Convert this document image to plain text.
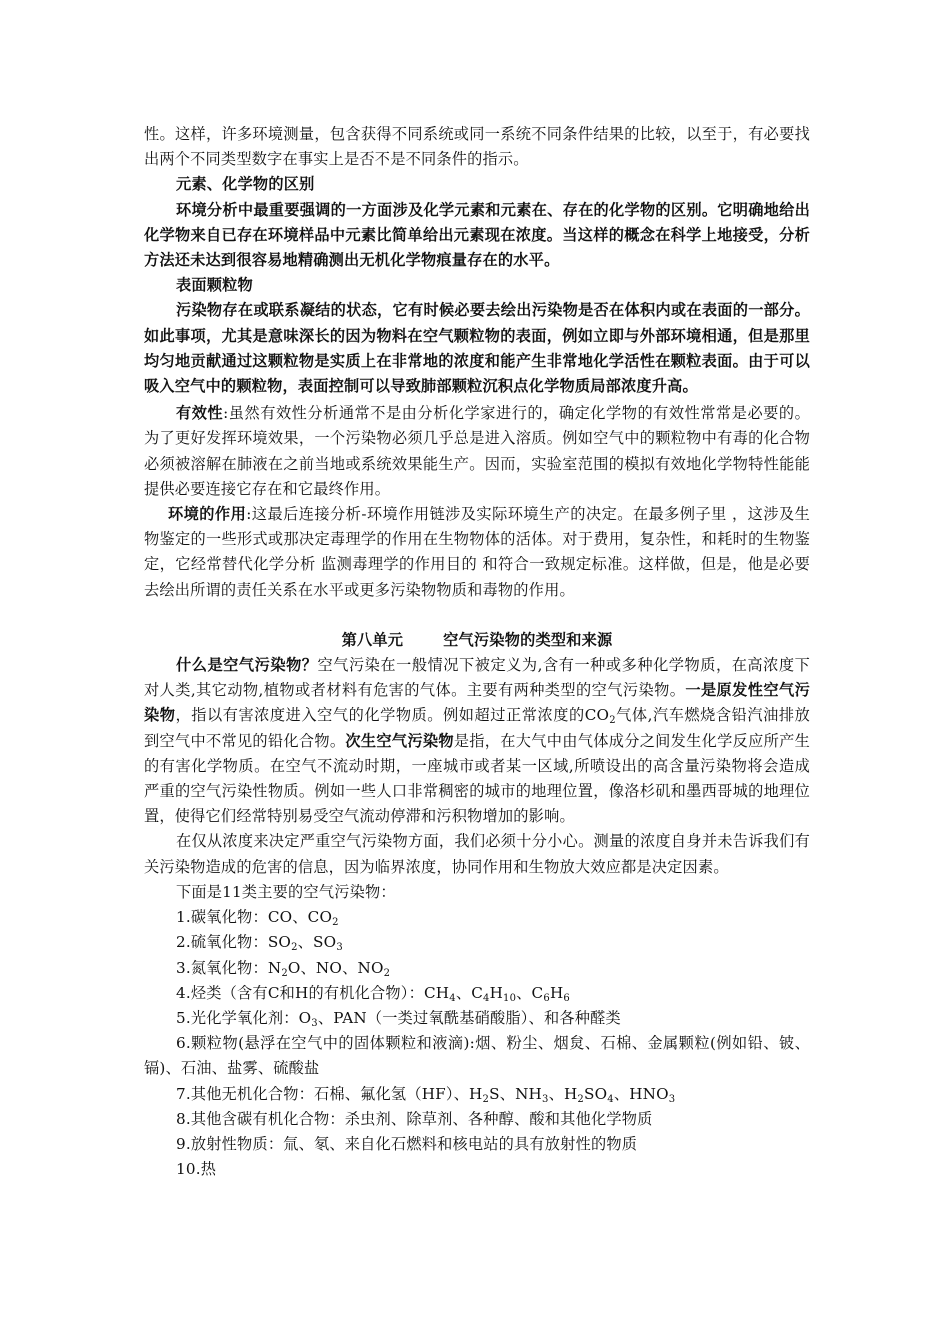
性。这样，许多环境测量，包含获得不同系统或同一系统不同条件结果的比较，以至于，有必要找出两个不同类型数字在事实上是否不是不同条件的指示。

元素、化学物的区别

环境分析中最重要强调的一方面涉及化学元素和元素在、存在的化学物的区别。它明确地给出化学物来自已存在环境样品中元素比简单给出元素现在浓度。当这样的概念在科学上地接受，分析方法还未达到很容易地精确测出无机化学物痕量存在的水平。

表面颗粒物

污染物存在或联系凝结的状态，它有时候必要去绘出污染物是否在体积内或在表面的一部分。如此事项，尤其是意味深长的因为物料在空气颗粒物的表面，例如立即与外部环境相通，但是那里均匀地贡献通过这颗粒物是实质上在非常地的浓度和能产生非常地化学活性在颗粒表面。由于可以吸入空气中的颗粒物，表面控制可以导致肺部颗粒沉积点化学物质局部浓度升高。

有效性:虽然有效性分析通常不是由分析化学家进行的，确定化学物的有效性常常是必要的。 为了更好发挥环境效果，一个污染物必须几乎总是进入溶质。例如空气中的颗粒物中有毒的化合物必须被溶解在肺液在之前当地或系统效果能生产。因而，实验室范围的模拟有效地化学物特性能能提供必要连接它存在和它最终作用。

环境的作用:这最后连接分析-环境作用链涉及实际环境生产的决定。在最多例子里 ，这涉及生物鉴定的一些形式或那决定毒理学的作用在生物物体的活体。对于费用，复杂性，和耗时的生物鉴定，它经常替代化学分析 监测毒理学的作用目的 和符合一致规定标准。这样做，但是，他是必要去绘出所谓的责任关系在水平或更多污染物物质和毒物的作用。

第八单元	空气污染物的类型和来源

什么是空气污染物？空气污染在一般情况下被定义为,含有一种或多种化学物质，在高浓度下对人类,其它动物,植物或者材料有危害的气体。主要有两种类型的空气污染物。一是原发性空气污染物，指以有害浓度进入空气的化学物质。例如超过正常浓度的$CO_2$气体,汽车燃烧含铅汽油排放到空气中不常见的铅化合物。次生空气污染物是指，在大气中由气体成分之间发生化学反应所产生的有害化学物质。在空气不流动时期，一座城市或者某一区域,所喷设出的高含量污染物将会造成严重的空气污染性物质。例如一些人口非常稠密的城市的地理位置，像洛杉矶和墨西哥城的地理位置，使得它们经常特别易受空气流动停滞和污积物增加的影响。

在仅从浓度来决定严重空气污染物方面，我们必须十分小心。测量的浓度自身并未告诉我们有关污染物造成的危害的信息，因为临界浓度，协同作用和生物放大效应都是决定因素。

下面是11类主要的空气污染物：

1.碳氧化物：CO、$CO_2$

2.硫氧化物：$SO_2$、$SO_3$

3.氮氧化物：$N_2O$、NO、$NO_2$

4.烃类（含有C和H的有机化合物）：$CH_4$、$C_4H_{10}$、$C_6H_6$

5.光化学氧化剂：$O_3$、PAN（一类过氧酰基硝酸脂）、和各种醛类

6.颗粒物(悬浮在空气中的固体颗粒和液滴):烟、粉尘、烟炱、石棉、金属颗粒(例如铅、铍、镉)、石油、盐雾、硫酸盐

7.其他无机化合物：石棉、氟化氢（HF）、$H_2S$、$NH_3$、$H_2SO_4$、$HNO_3$

8.其他含碳有机化合物：杀虫剂、除草剂、各种醇、酸和其他化学物质

9.放射性物质：氚、氡、来自化石燃料和核电站的具有放射性的物质

10.热
